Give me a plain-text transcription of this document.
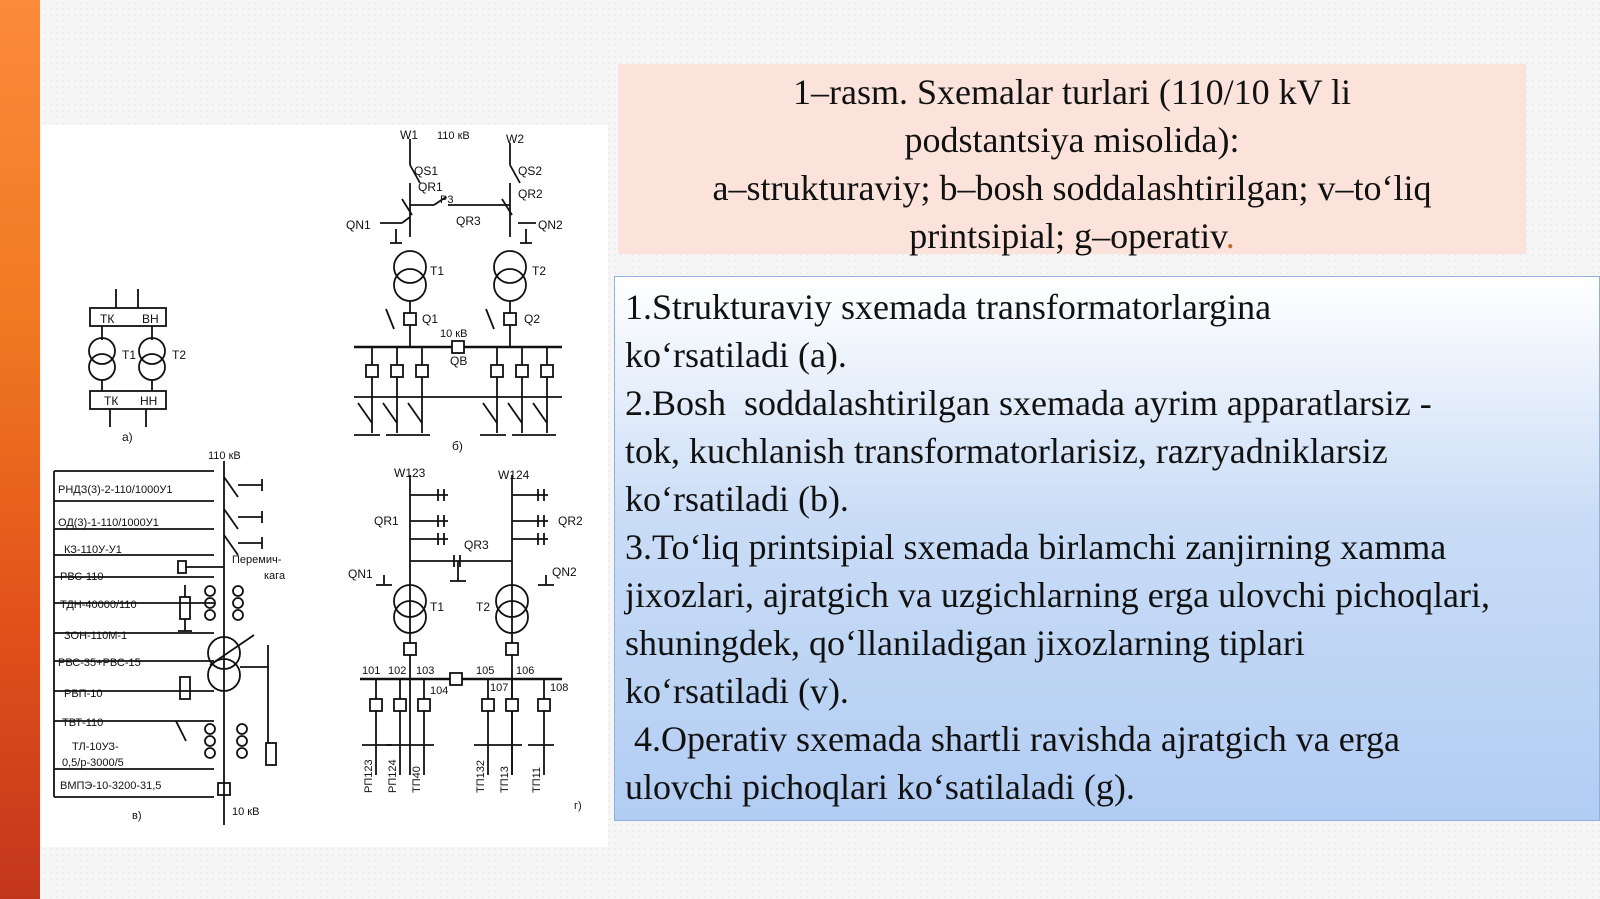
ТК ВН
T1	T2
ТК НН
а)
W1 110 кВ	W2
QS1	QS2
QR1	QR2
P3
QR3
QN1	QN2
T1	T2
Q1	Q2
10 кВ
QB
б)
110 кВ
РНДЗ(3)-2-110/1000У1
ОД(3)-1-110/1000У1
КЗ-110У-У1
РВС-110
ТДН-40000/110
ЗОН-110М-1
РВС-35+РВС-15
РВП-10
ТВТ-110
ТЛ-10УЗ-
0,5/р-3000/5
ВМПЭ-10-3200-31,5
Перемич-
кага
10 кВ
в)
W123	W124
QR1	QR2
QR3
QN1	QN2
T1	T2
101 102 103
104
105 106
107	108
РП123 РП124 ТП40	ТП132 ТП13 ТП11
г)
1–rasm. Sxemalar turlari (110/10 kV li
podstantsiya misolida):
a–strukturaviy; b–bosh soddalashtirilgan; v–to‘liq
printsipial; g–operativ.

1.Strukturaviy sxemada transformatorlargina

ko‘rsatiladi (a).

2.Bosh  soddalashtirilgan sxemada ayrim apparatlarsiz -

tok, kuchlanish transformatorlarisiz, razryadniklarsiz

ko‘rsatiladi (b).

3.To‘liq printsipial sxemada birlamchi zanjirning xamma

jixozlari, ajratgich va uzgichlarning erga ulovchi pichoqlari,

shuningdek, qo‘llaniladigan jixozlarning tiplari

ko‘rsatiladi (v).

4.Operativ sxemada shartli ravishda ajratgich va erga

ulovchi pichoqlari ko‘satilaladi (g).
